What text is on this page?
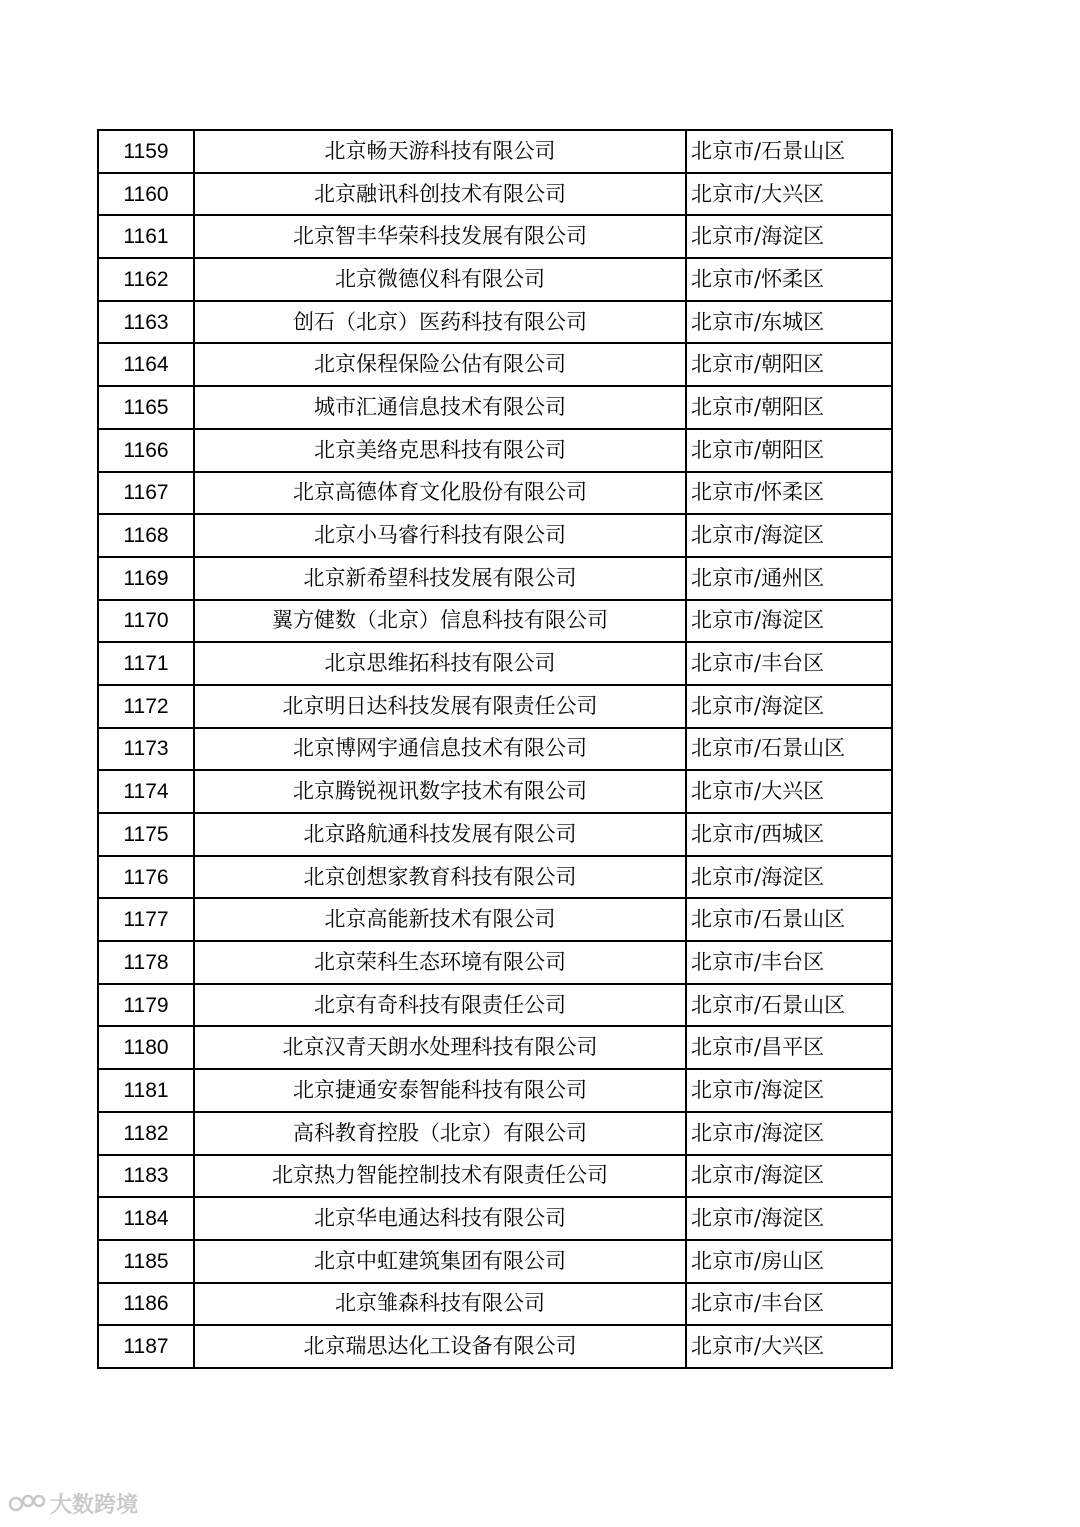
1159	北京畅天游科技有限公司	北京市/石景山区
1160	北京融讯科创技术有限公司	北京市/大兴区
1161	北京智丰华荣科技发展有限公司	北京市/海淀区
1162	北京微德仪科有限公司	北京市/怀柔区
1163	创石（北京）医药科技有限公司	北京市/东城区
1164	北京保程保险公估有限公司	北京市/朝阳区
1165	城市汇通信息技术有限公司	北京市/朝阳区
1166	北京美络克思科技有限公司	北京市/朝阳区
1167	北京高德体育文化股份有限公司	北京市/怀柔区
1168	北京小马睿行科技有限公司	北京市/海淀区
1169	北京新希望科技发展有限公司	北京市/通州区
1170	翼方健数（北京）信息科技有限公司	北京市/海淀区
1171	北京思维拓科技有限公司	北京市/丰台区
1172	北京明日达科技发展有限责任公司	北京市/海淀区
1173	北京博网宇通信息技术有限公司	北京市/石景山区
1174	北京腾锐视讯数字技术有限公司	北京市/大兴区
1175	北京路航通科技发展有限公司	北京市/西城区
1176	北京创想家教育科技有限公司	北京市/海淀区
1177	北京高能新技术有限公司	北京市/石景山区
1178	北京荣科生态环境有限公司	北京市/丰台区
1179	北京有奇科技有限责任公司	北京市/石景山区
1180	北京汉青天朗水处理科技有限公司	北京市/昌平区
1181	北京捷通安泰智能科技有限公司	北京市/海淀区
1182	高科教育控股（北京）有限公司	北京市/海淀区
1183	北京热力智能控制技术有限责任公司	北京市/海淀区
1184	北京华电通达科技有限公司	北京市/海淀区
1185	北京中虹建筑集团有限公司	北京市/房山区
1186	北京雏森科技有限公司	北京市/丰台区
1187	北京瑞思达化工设备有限公司	北京市/大兴区
大数跨境
